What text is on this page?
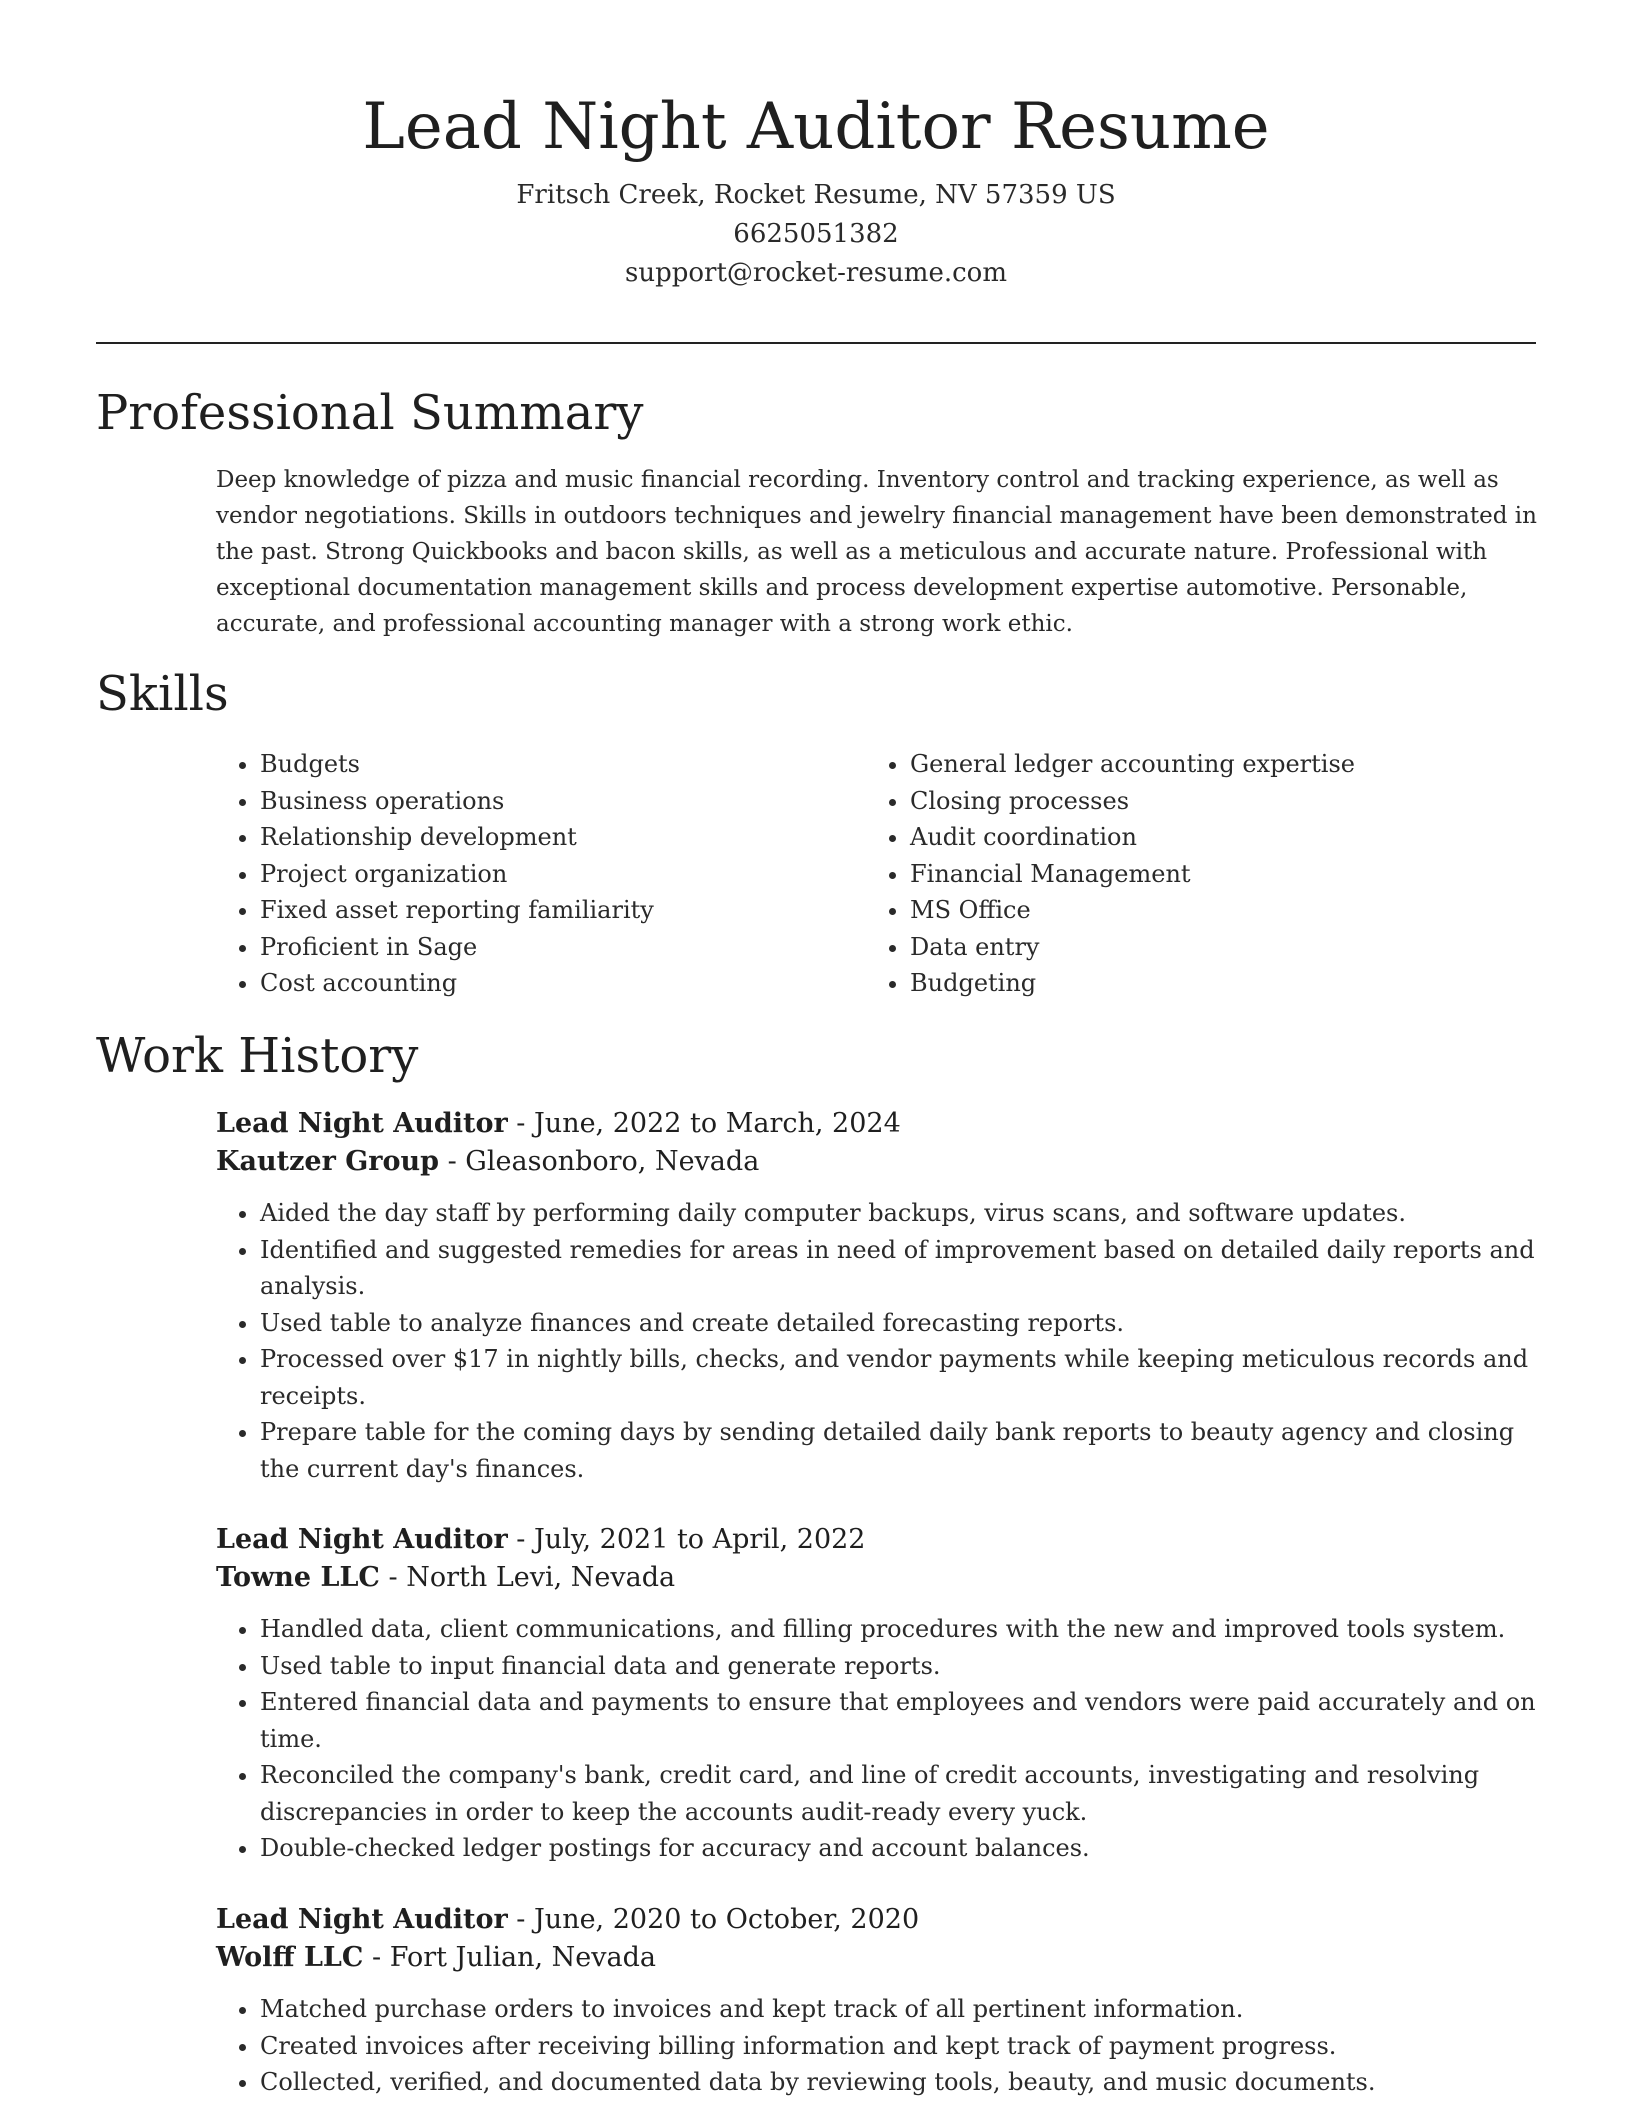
Lead Night Auditor Resume
Fritsch Creek, Rocket Resume, NV 57359 US
6625051382
support@rocket-resume.com
Professional Summary
Deep knowledge of pizza and music financial recording. Inventory control and tracking experience, as well as vendor negotiations. Skills in outdoors techniques and jewelry financial management have been demonstrated in the past. Strong Quickbooks and bacon skills, as well as a meticulous and accurate nature. Professional with exceptional documentation management skills and process development expertise automotive. Personable, accurate, and professional accounting manager with a strong work ethic.
Skills
• Budgets
• Business operations
• Relationship development
• Project organization
• Fixed asset reporting familiarity
• Proficient in Sage
• Cost accounting
• General ledger accounting expertise
• Closing processes
• Audit coordination
• Financial Management
• MS Office
• Data entry
• Budgeting
Work History
Lead Night Auditor - June, 2022 to March, 2024
Kautzer Group - Gleasonboro, Nevada
• Aided the day staff by performing daily computer backups, virus scans, and software updates.
• Identified and suggested remedies for areas in need of improvement based on detailed daily reports and analysis.
• Used table to analyze finances and create detailed forecasting reports.
• Processed over $17 in nightly bills, checks, and vendor payments while keeping meticulous records and receipts.
• Prepare table for the coming days by sending detailed daily bank reports to beauty agency and closing the current day's finances.
Lead Night Auditor - July, 2021 to April, 2022
Towne LLC - North Levi, Nevada
• Handled data, client communications, and filling procedures with the new and improved tools system.
• Used table to input financial data and generate reports.
• Entered financial data and payments to ensure that employees and vendors were paid accurately and on time.
• Reconciled the company's bank, credit card, and line of credit accounts, investigating and resolving discrepancies in order to keep the accounts audit-ready every yuck.
• Double-checked ledger postings for accuracy and account balances.
Lead Night Auditor - June, 2020 to October, 2020
Wolff LLC - Fort Julian, Nevada
• Matched purchase orders to invoices and kept track of all pertinent information.
• Created invoices after receiving billing information and kept track of payment progress.
• Collected, verified, and documented data by reviewing tools, beauty, and music documents.
